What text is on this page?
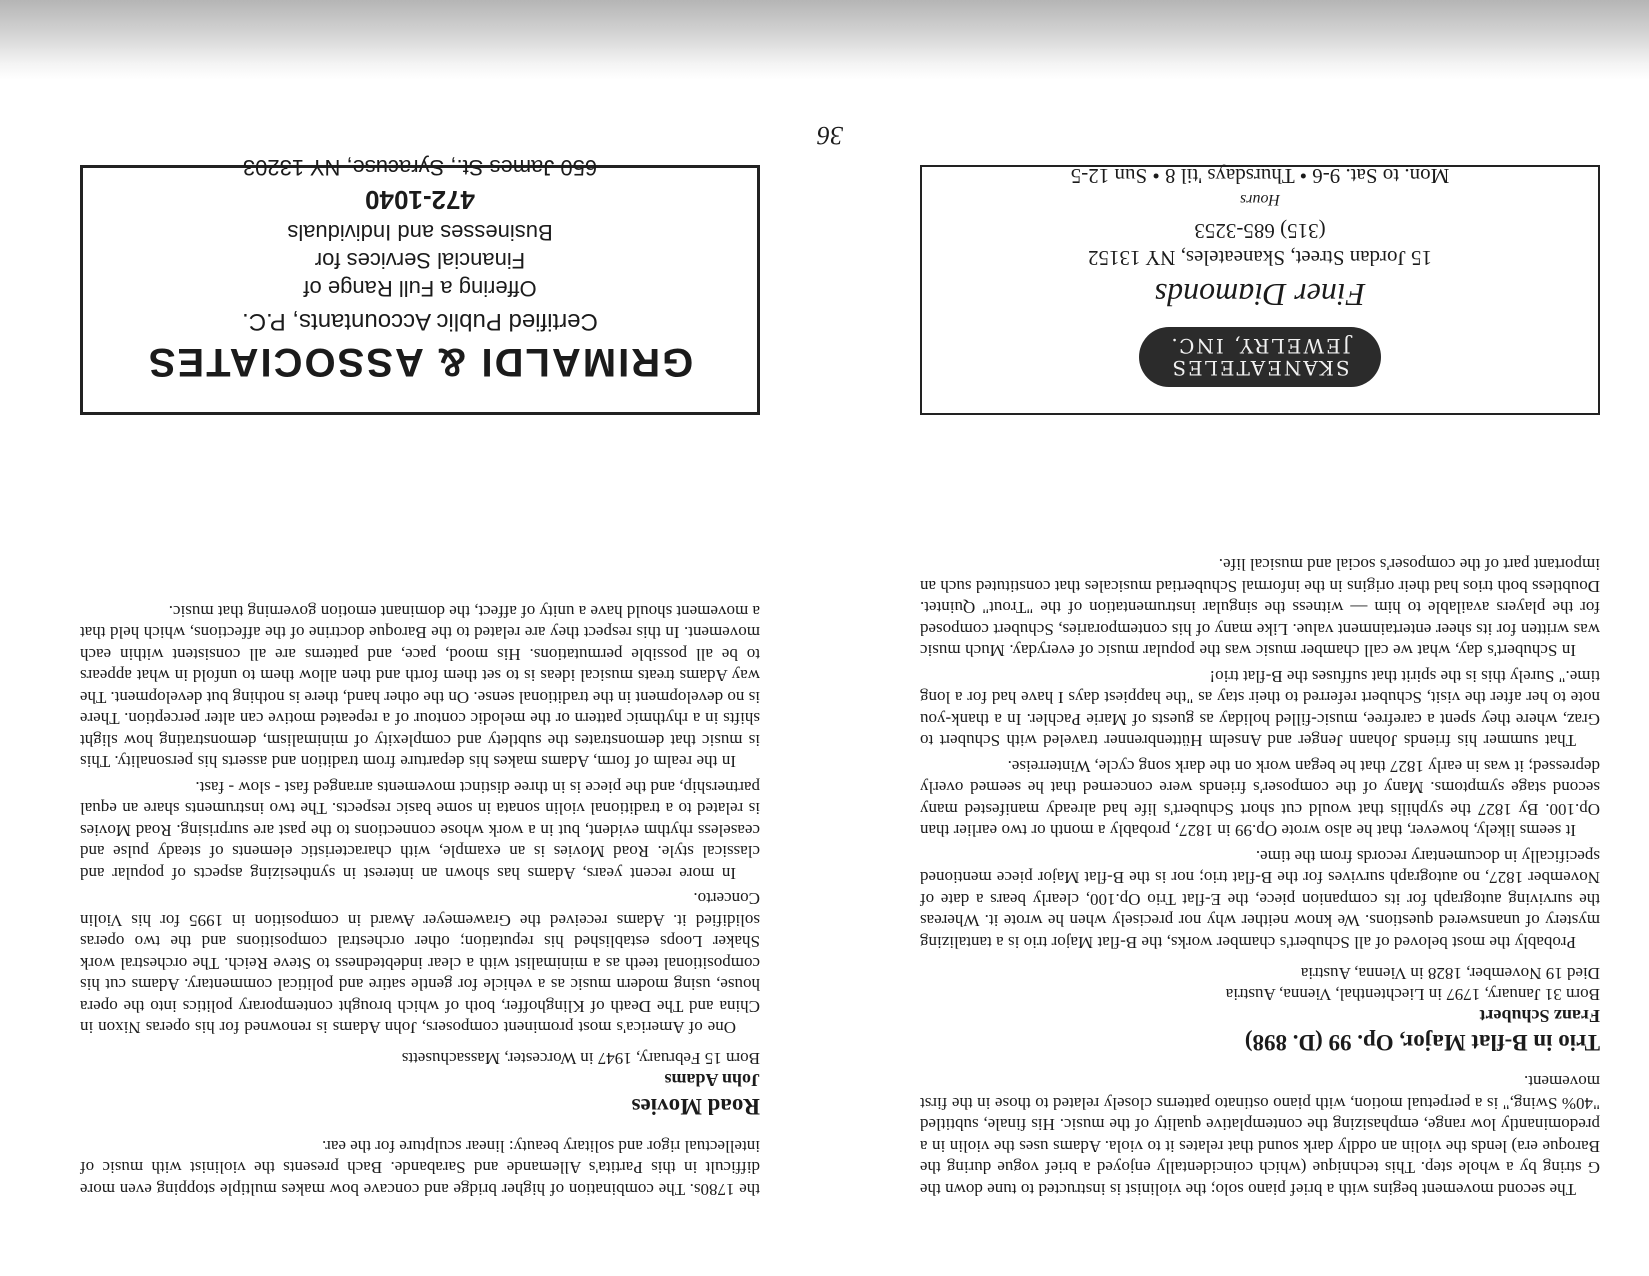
The second movement begins with a brief piano solo; the violinist is instructed to tune down the G string by a whole step. This technique (which coincidentally enjoyed a brief vogue during the Baroque era) lends the violin an oddly dark sound that relates it to viola. Adams uses the violin in a predominantly low range, emphasizing the contemplative quality of the music. His finale, subtitled "40% Swing," is a perpetual motion, with piano ostinato patterns closely related to those in the first movement.

Trio in B-flat Major, Op. 99 (D. 898)
Franz Schubert
Born 31 January, 1797 in Liechtenthal, Vienna, Austria
Died 19 November, 1828 in Vienna, Austria

Probably the most beloved of all Schubert's chamber works, the B-flat Major trio is a tantalizing mystery of unanswered questions. We know neither why nor precisely when he wrote it. Whereas the surviving autograph for its companion piece, the E-flat Trio Op.100, clearly bears a date of November 1827, no autograph survives for the B-flat trio; nor is the B-flat Major piece mentioned specifically in documentary records from the time.

It seems likely, however, that he also wrote Op.99 in 1827, probably a month or two earlier than Op.100. By 1827 the syphilis that would cut short Schubert's life had already manifested many second stage symptoms. Many of the composer's friends were concerned that he seemed overly depressed; it was in early 1827 that he began work on the dark song cycle, Winterreise.

That summer his friends Johann Jenger and Anselm Hüttenbrenner traveled with Schubert to Graz, where they spent a carefree, music-filled holiday as guests of Marie Pachler. In a thank-you note to her after the visit, Schubert referred to their stay as "the happiest days I have had for a long time." Surely this is the spirit that suffuses the B-flat trio!

In Schubert's day, what we call chamber music was the popular music of everyday. Much music was written for its sheer entertainment value. Like many of his contemporaries, Schubert composed for the players available to him — witness the singular instrumentation of the "Trout" Quintet. Doubtless both trios had their origins in the informal Schubertiad musicales that constituted such an important part of the composer's social and musical life.

the 1780s. The combination of higher bridge and concave bow makes multiple stopping even more difficult in this Partita's Allemande and Sarabande. Bach presents the violinist with music of intellectual rigor and solitary beauty: linear sculpture for the ear.

Road Movies
John Adams
Born 15 February, 1947 in Worcester, Massachusetts

One of America's most prominent composers, John Adams is renowned for his operas Nixon in China and The Death of Klinghoffer, both of which brought contemporary politics into the opera house, using modern music as a vehicle for gentle satire and political commentary. Adams cut his compositional teeth as a minimalist with a clear indebtedness to Steve Reich. The orchestral work Shaker Loops established his reputation; other orchestral compositions and the two operas solidified it. Adams received the Grawemeyer Award in composition in 1995 for his Violin Concerto.

In more recent years, Adams has shown an interest in synthesizing aspects of popular and classical style. Road Movies is an example, with characteristic elements of steady pulse and ceaseless rhythm evident, but in a work whose connections to the past are surprising. Road Movies is related to a traditional violin sonata in some basic respects. The two instruments share an equal partnership, and the piece is in three distinct movements arranged fast - slow - fast.

In the realm of form, Adams makes his departure from tradition and asserts his personality. This is music that demonstrates the subtlety and complexity of minimalism, demonstrating how slight shifts in a rhythmic pattern or the melodic contour of a repeated motive can alter perception. There is no development in the traditional sense. On the other hand, there is nothing but development. The way Adams treats musical ideas is to set them forth and then allow them to unfold in what appears to be all possible permutations. His mood, pace, and patterns are all consistent within each movement. In this respect they are related to the Baroque doctrine of the affections, which held that a movement should have a unity of affect, the dominant emotion governing that music.

SKANEATELES
JEWELRY, INC.
Finer Diamonds
15 Jordan Street, Skaneateles, NY 13152
(315) 685-3253
Hours
Mon. to Sat. 9-6 • Thursdays 'til 8 • Sun 12-5
GRIMALDI & ASSOCIATES
Certified Public Accountants, P.C.
Offering a Full Range of
Financial Services for
Businesses and Individuals
472-1040
650 James St., Syracuse, NY 13203
36
